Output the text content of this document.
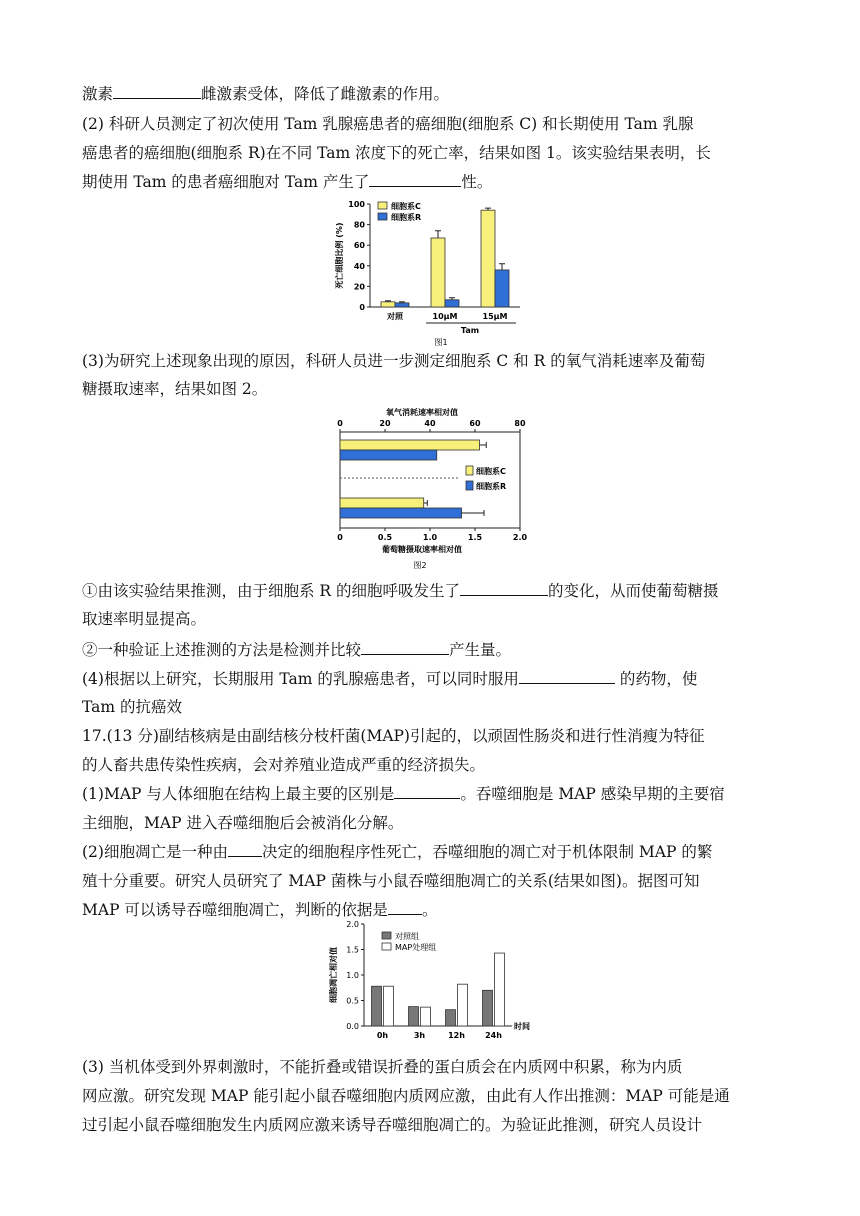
激素	雌激素受体，降低了雌激素的作用。
(2) 科研人员测定了初次使用 Tam 乳腺癌患者的癌细胞(细胞系 C) 和长期使用 Tam 乳腺
癌患者的癌细胞(细胞系 R)在不同 Tam 浓度下的死亡率，结果如图 1。该实验结果表明，长
期使用 Tam 的患者癌细胞对 Tam 产生了	性。
(3)为研究上述现象出现的原因，科研人员进一步测定细胞系 C 和 R 的氧气消耗速率及葡萄
糖摄取速率，结果如图 2。
①由该实验结果推测，由于细胞系 R 的细胞呼吸发生了	的变化，从而使葡萄糖摄
取速率明显提高。
②一种验证上述推测的方法是检测并比较	产生量。
(4)根据以上研究，长期服用 Tam 的乳腺癌患者，可以同时服用	的药物，使
Tam 的抗癌效
17.(13 分)副结核病是由副结核分枝杆菌(MAP)引起的，以顽固性肠炎和进行性消瘦为特征
的人畜共患传染性疾病，会对养殖业造成严重的经济损失。
(1)MAP 与人体细胞在结构上最主要的区别是	。吞噬细胞是 MAP 感染早期的主要宿
主细胞，MAP 进入吞噬细胞后会被消化分解。
(2)细胞凋亡是一种由 决定的细胞程序性死亡，吞噬细胞的凋亡对于机体限制 MAP 的繁
殖十分重要。研究人员研究了 MAP 菌株与小鼠吞噬细胞凋亡的关系(结果如图)。据图可知
MAP 可以诱导吞噬细胞凋亡，判断的依据是 。
(3) 当机体受到外界刺激时，不能折叠或错误折叠的蛋白质会在内质网中积累，称为内质
网应激。研究发现 MAP 能引起小鼠吞噬细胞内质网应激，由此有人作出推测：MAP 可能是通
过引起小鼠吞噬细胞发生内质网应激来诱导吞噬细胞凋亡的。为验证此推测，研究人员设计
0
20
40
60
80
100
死亡细胞比例 (%)
对照	10μM	15μM
Tam
图1
细胞系C
细胞系R
氧气消耗速率相对值
0	20	40	60	80
0	0.5	1.0	1.5	2.0
葡萄糖摄取速率相对值
图2
细胞系C
细胞系R
0.0
0.5
1.0
1.5
2.0
细胞凋亡相对值
0h	3h	12h	24h
时间
对照组
MAP处理组
